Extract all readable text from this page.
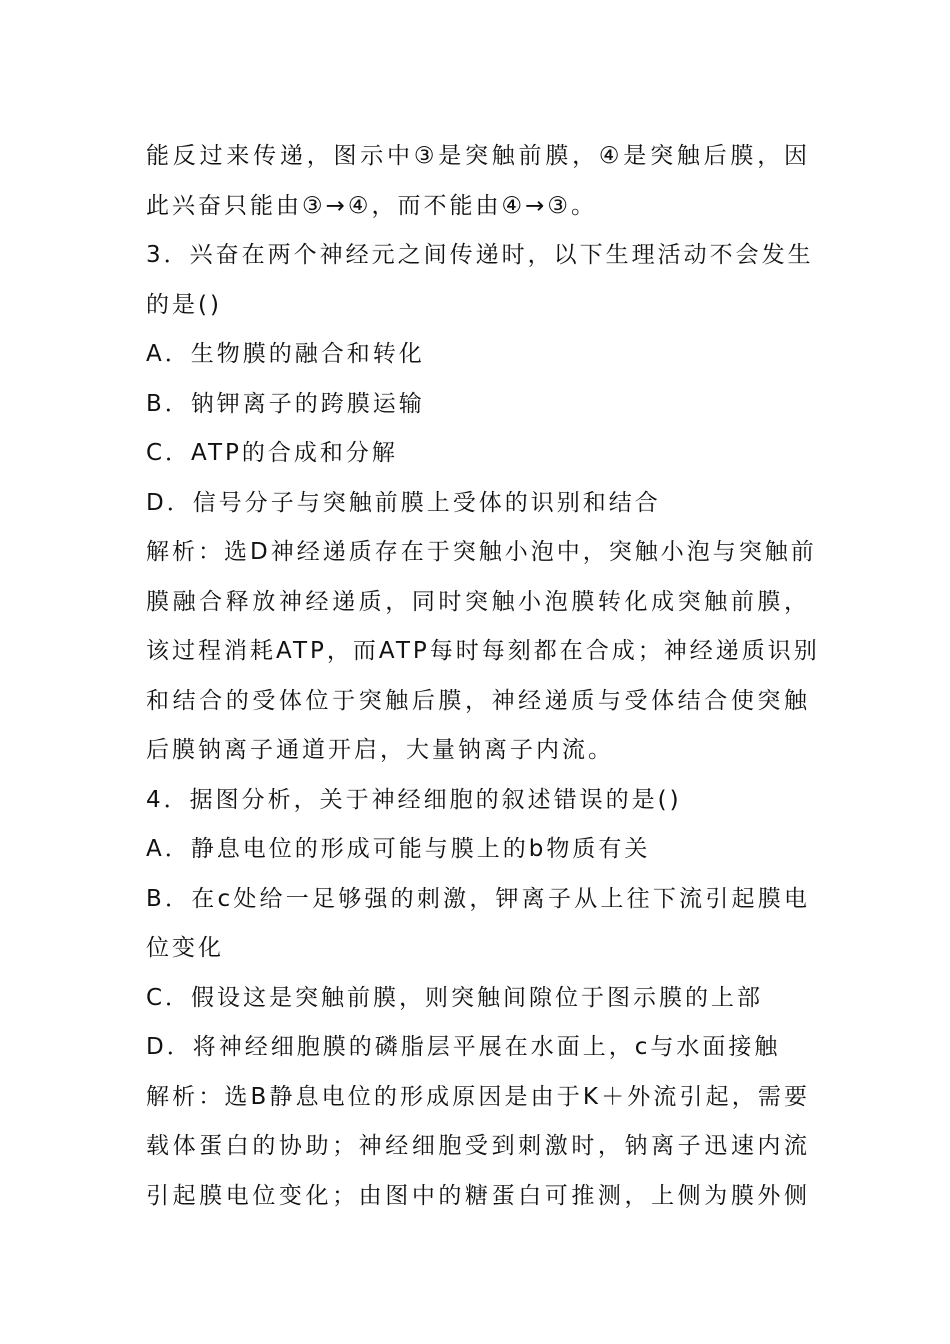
能反过来传递，图示中③是突触前膜，④是突触后膜，因
此兴奋只能由③→④，而不能由④→③。
3．兴奋在两个神经元之间传递时，以下生理活动不会发生
的是()
A．生物膜的融合和转化
B．钠钾离子的跨膜运输
C．ATP的合成和分解
D．信号分子与突触前膜上受体的识别和结合
解析：选D神经递质存在于突触小泡中，突触小泡与突触前
膜融合释放神经递质，同时突触小泡膜转化成突触前膜，
该过程消耗ATP，而ATP每时每刻都在合成；神经递质识别
和结合的受体位于突触后膜，神经递质与受体结合使突触
后膜钠离子通道开启，大量钠离子内流。
4．据图分析，关于神经细胞的叙述错误的是()
A．静息电位的形成可能与膜上的b物质有关
B．在c处给一足够强的刺激，钾离子从上往下流引起膜电
位变化
C．假设这是突触前膜，则突触间隙位于图示膜的上部
D．将神经细胞膜的磷脂层平展在水面上，c与水面接触
解析：选B静息电位的形成原因是由于K＋外流引起，需要
载体蛋白的协助；神经细胞受到刺激时，钠离子迅速内流
引起膜电位变化；由图中的糖蛋白可推测，上侧为膜外侧
